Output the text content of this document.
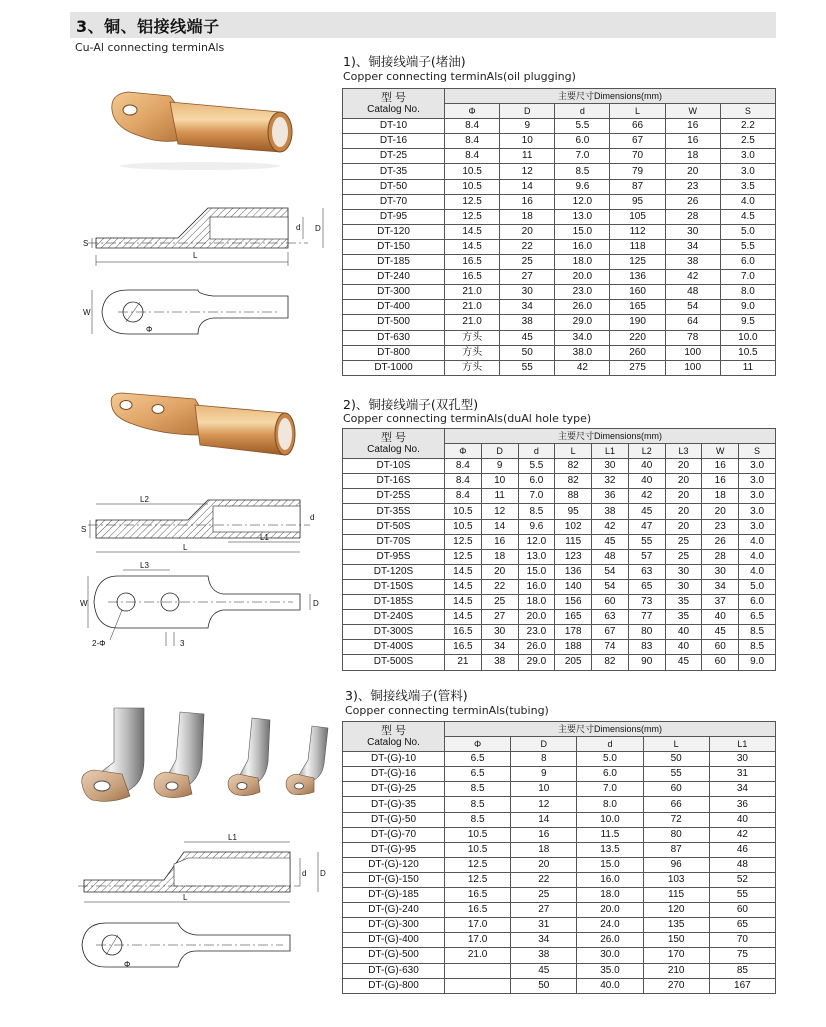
3、铜、铝接线端子
Cu-Al connecting terminAls
1)、铜接线端子(堵油)
Copper connecting terminAls(oil plugging)
2)、铜接线端子(双孔型)
Copper connecting terminAls(duAl hole type)
3)、铜接线端子(管料)
Copper connecting terminAls(tubing)
型 号
Catalog No.	主要尺寸Dimensions(mm)					
	Φ	D	d	L	W	S
DT-10	8.4	9	5.5	66	16	2.2
DT-16	8.4	10	6.0	67	16	2.5
DT-25	8.4	11	7.0	70	18	3.0
DT-35	10.5	12	8.5	79	20	3.0
DT-50	10.5	14	9.6	87	23	3.5
DT-70	12.5	16	12.0	95	26	4.0
DT-95	12.5	18	13.0	105	28	4.5
DT-120	14.5	20	15.0	112	30	5.0
DT-150	14.5	22	16.0	118	34	5.5
DT-185	16.5	25	18.0	125	38	6.0
DT-240	16.5	27	20.0	136	42	7.0
DT-300	21.0	30	23.0	160	48	8.0
DT-400	21.0	34	26.0	165	54	9.0
DT-500	21.0	38	29.0	190	64	9.5
DT-630	方头	45	34.0	220	78	10.0
DT-800	方头	50	38.0	260	100	10.5
DT-1000	方头	55	42	275	100	11
型 号
Catalog No.	主要尺寸Dimensions(mm)								
	Φ	D	d	L	L1	L2	L3	W	S
DT-10S	8.4	9	5.5	82	30	40	20	16	3.0
DT-16S	8.4	10	6.0	82	32	40	20	16	3.0
DT-25S	8.4	11	7.0	88	36	42	20	18	3.0
DT-35S	10.5	12	8.5	95	38	45	20	20	3.0
DT-50S	10.5	14	9.6	102	42	47	20	23	3.0
DT-70S	12.5	16	12.0	115	45	55	25	26	4.0
DT-95S	12.5	18	13.0	123	48	57	25	28	4.0
DT-120S	14.5	20	15.0	136	54	63	30	30	4.0
DT-150S	14.5	22	16.0	140	54	65	30	34	5.0
DT-185S	14.5	25	18.0	156	60	73	35	37	6.0
DT-240S	14.5	27	20.0	165	63	77	35	40	6.5
DT-300S	16.5	30	23.0	178	67	80	40	45	8.5
DT-400S	16.5	34	26.0	188	74	83	40	60	8.5
DT-500S	21	38	29.0	205	82	90	45	60	9.0
型 号
Catalog No.	主要尺寸Dimensions(mm)				
	Φ	D	d	L	L1
DT-(G)-10	6.5	8	5.0	50	30
DT-(G)-16	6.5	9	6.0	55	31
DT-(G)-25	8.5	10	7.0	60	34
DT-(G)-35	8.5	12	8.0	66	36
DT-(G)-50	8.5	14	10.0	72	40
DT-(G)-70	10.5	16	11.5	80	42
DT-(G)-95	10.5	18	13.5	87	46
DT-(G)-120	12.5	20	15.0	96	48
DT-(G)-150	12.5	22	16.0	103	52
DT-(G)-185	16.5	25	18.0	115	55
DT-(G)-240	16.5	27	20.0	120	60
DT-(G)-300	17.0	31	24.0	135	65
DT-(G)-400	17.0	34	26.0	150	70
DT-(G)-500	21.0	38	30.0	170	75
DT-(G)-630		45	35.0	210	85
DT-(G)-800		50	40.0	270	167
L
S
d D
W
Φ
L2
L1
L
S
d
L3
W	D
2-Φ	3
L1
L
d D
Φ
